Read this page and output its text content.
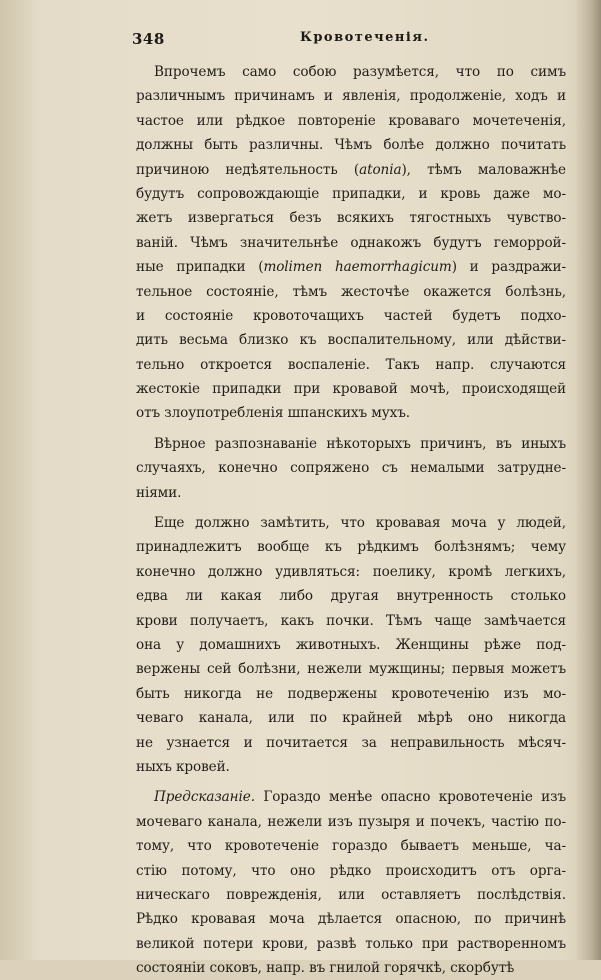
348	Кровотеченія.
Впрочемъ само собою разумѣется, что по симъ
различнымъ причинамъ и явленія, продолженіе, ходъ и
частое или рѣдкое повтореніе кроваваго мочетеченія,
должны быть различны. Чѣмъ болѣе должно почитать
причиною недѣятельность (atonia), тѣмъ маловажнѣе
будутъ сопровождающіе припадки, и кровь даже мо-
жетъ извергаться безъ всякихъ тягостныхъ чувство-
ваній. Чѣмъ значительнѣе однакожъ будутъ геморрой-
ные припадки (molimen haemorrhagicum) и раздражи-
тельное состояніе, тѣмъ жесточѣе окажется болѣзнь,
и состояніе кровоточащихъ частей будетъ подхо-
дить весьма близко къ воспалительному, или дѣйстви-
тельно откроется воспаленіе. Такъ напр. случаются
жестокіе припадки при кровавой мочѣ, происходящей
отъ злоупотребленія шпанскихъ мухъ.
Вѣрное разпознаваніе нѣкоторыхъ причинъ, въ иныхъ
случаяхъ, конечно сопряжено съ немалыми затрудне-
ніями.
Еще должно замѣтить, что кровавая моча у людей,
принадлежитъ вообще къ рѣдкимъ болѣзнямъ; чему
конечно должно удивляться: поелику, кромѣ легкихъ,
едва ли какая либо другая внутренность столько
крови получаетъ, какъ почки. Тѣмъ чаще замѣчается
она у домашнихъ животныхъ. Женщины рѣже под-
вержены сей болѣзни, нежели мужщины; первыя можетъ
быть никогда не подвержены кровотеченію изъ мо-
чеваго канала, или по крайней мѣрѣ оно никогда
не узнается и почитается за неправильность мѣсяч-
ныхъ кровей.
Предсказаніе. Гораздо менѣе опасно кровотеченіе изъ
мочеваго канала, нежели изъ пузыря и почекъ, частію по-
тому, что кровотеченіе гораздо бываетъ меньше, ча-
стію потому, что оно рѣдко происходитъ отъ орга-
ническаго поврежденія, или оставляетъ послѣдствія.
Рѣдко кровавая моча дѣлается опасною, по причинѣ
великой потери крови, развѣ только при растворенномъ
состояніи соковъ, напр. въ гнилой горячкѣ, скорбутѣ
